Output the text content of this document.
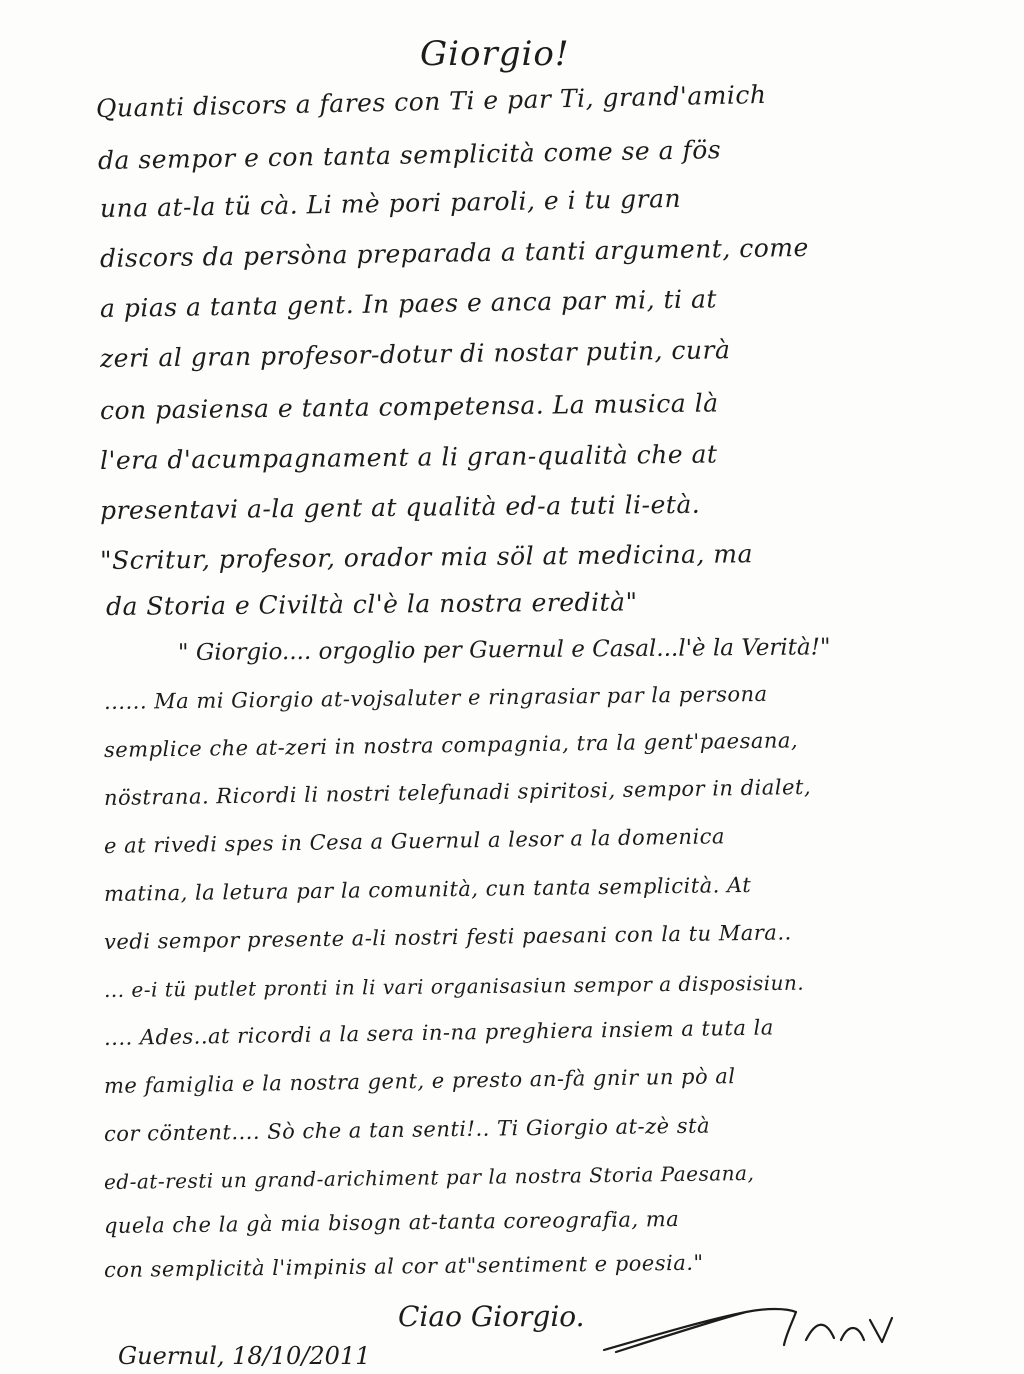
Giorgio!
Quanti discors a fares con Ti e par Ti, grand'amich
da sempor e con tanta semplicità come se a fös
una at-la tü cà. Li mè pori paroli, e i tu gran
discors da persòna preparada a tanti argument, come
a pias a tanta gent. In paes e anca par mi, ti at
zeri al gran profesor-dotur di nostar putin, curà
con pasiensa e tanta competensa. La musica là
l'era d'acumpagnament a li gran-qualità che at
presentavi a-la gent at qualità ed-a tuti li-età.
"Scritur, profesor, orador mia söl at medicina, ma
da Storia e Civiltà cl'è la nostra eredità"
" Giorgio.... orgoglio per Guernul e Casal...l'è la Verità!"
...... Ma mi Giorgio at-vojsaluter e ringrasiar par la persona
semplice che at-zeri in nostra compagnia, tra la gent'paesana,
nöstrana. Ricordi li nostri telefunadi spiritosi, sempor in dialet,
e at rivedi spes in Cesa a Guernul a lesor a la domenica
matina, la letura par la comunità, cun tanta semplicità. At
vedi sempor presente a-li nostri festi paesani con la tu Mara..
... e-i tü putlet pronti in li vari organisasiun sempor a disposisiun.
.... Ades..at ricordi a la sera in-na preghiera insiem a tuta la
me famiglia e la nostra gent, e presto an-fà gnir un pò al
cor cöntent.... Sò che a tan senti!.. Ti Giorgio at-zè stà
ed-at-resti un grand-arichiment par la nostra Storia Paesana,
quela che la gà mia bisogn at-tanta coreografia, ma
con semplicità l'impinis al cor at"sentiment e poesia."
Ciao Giorgio.
Guernul, 18/10/2011
